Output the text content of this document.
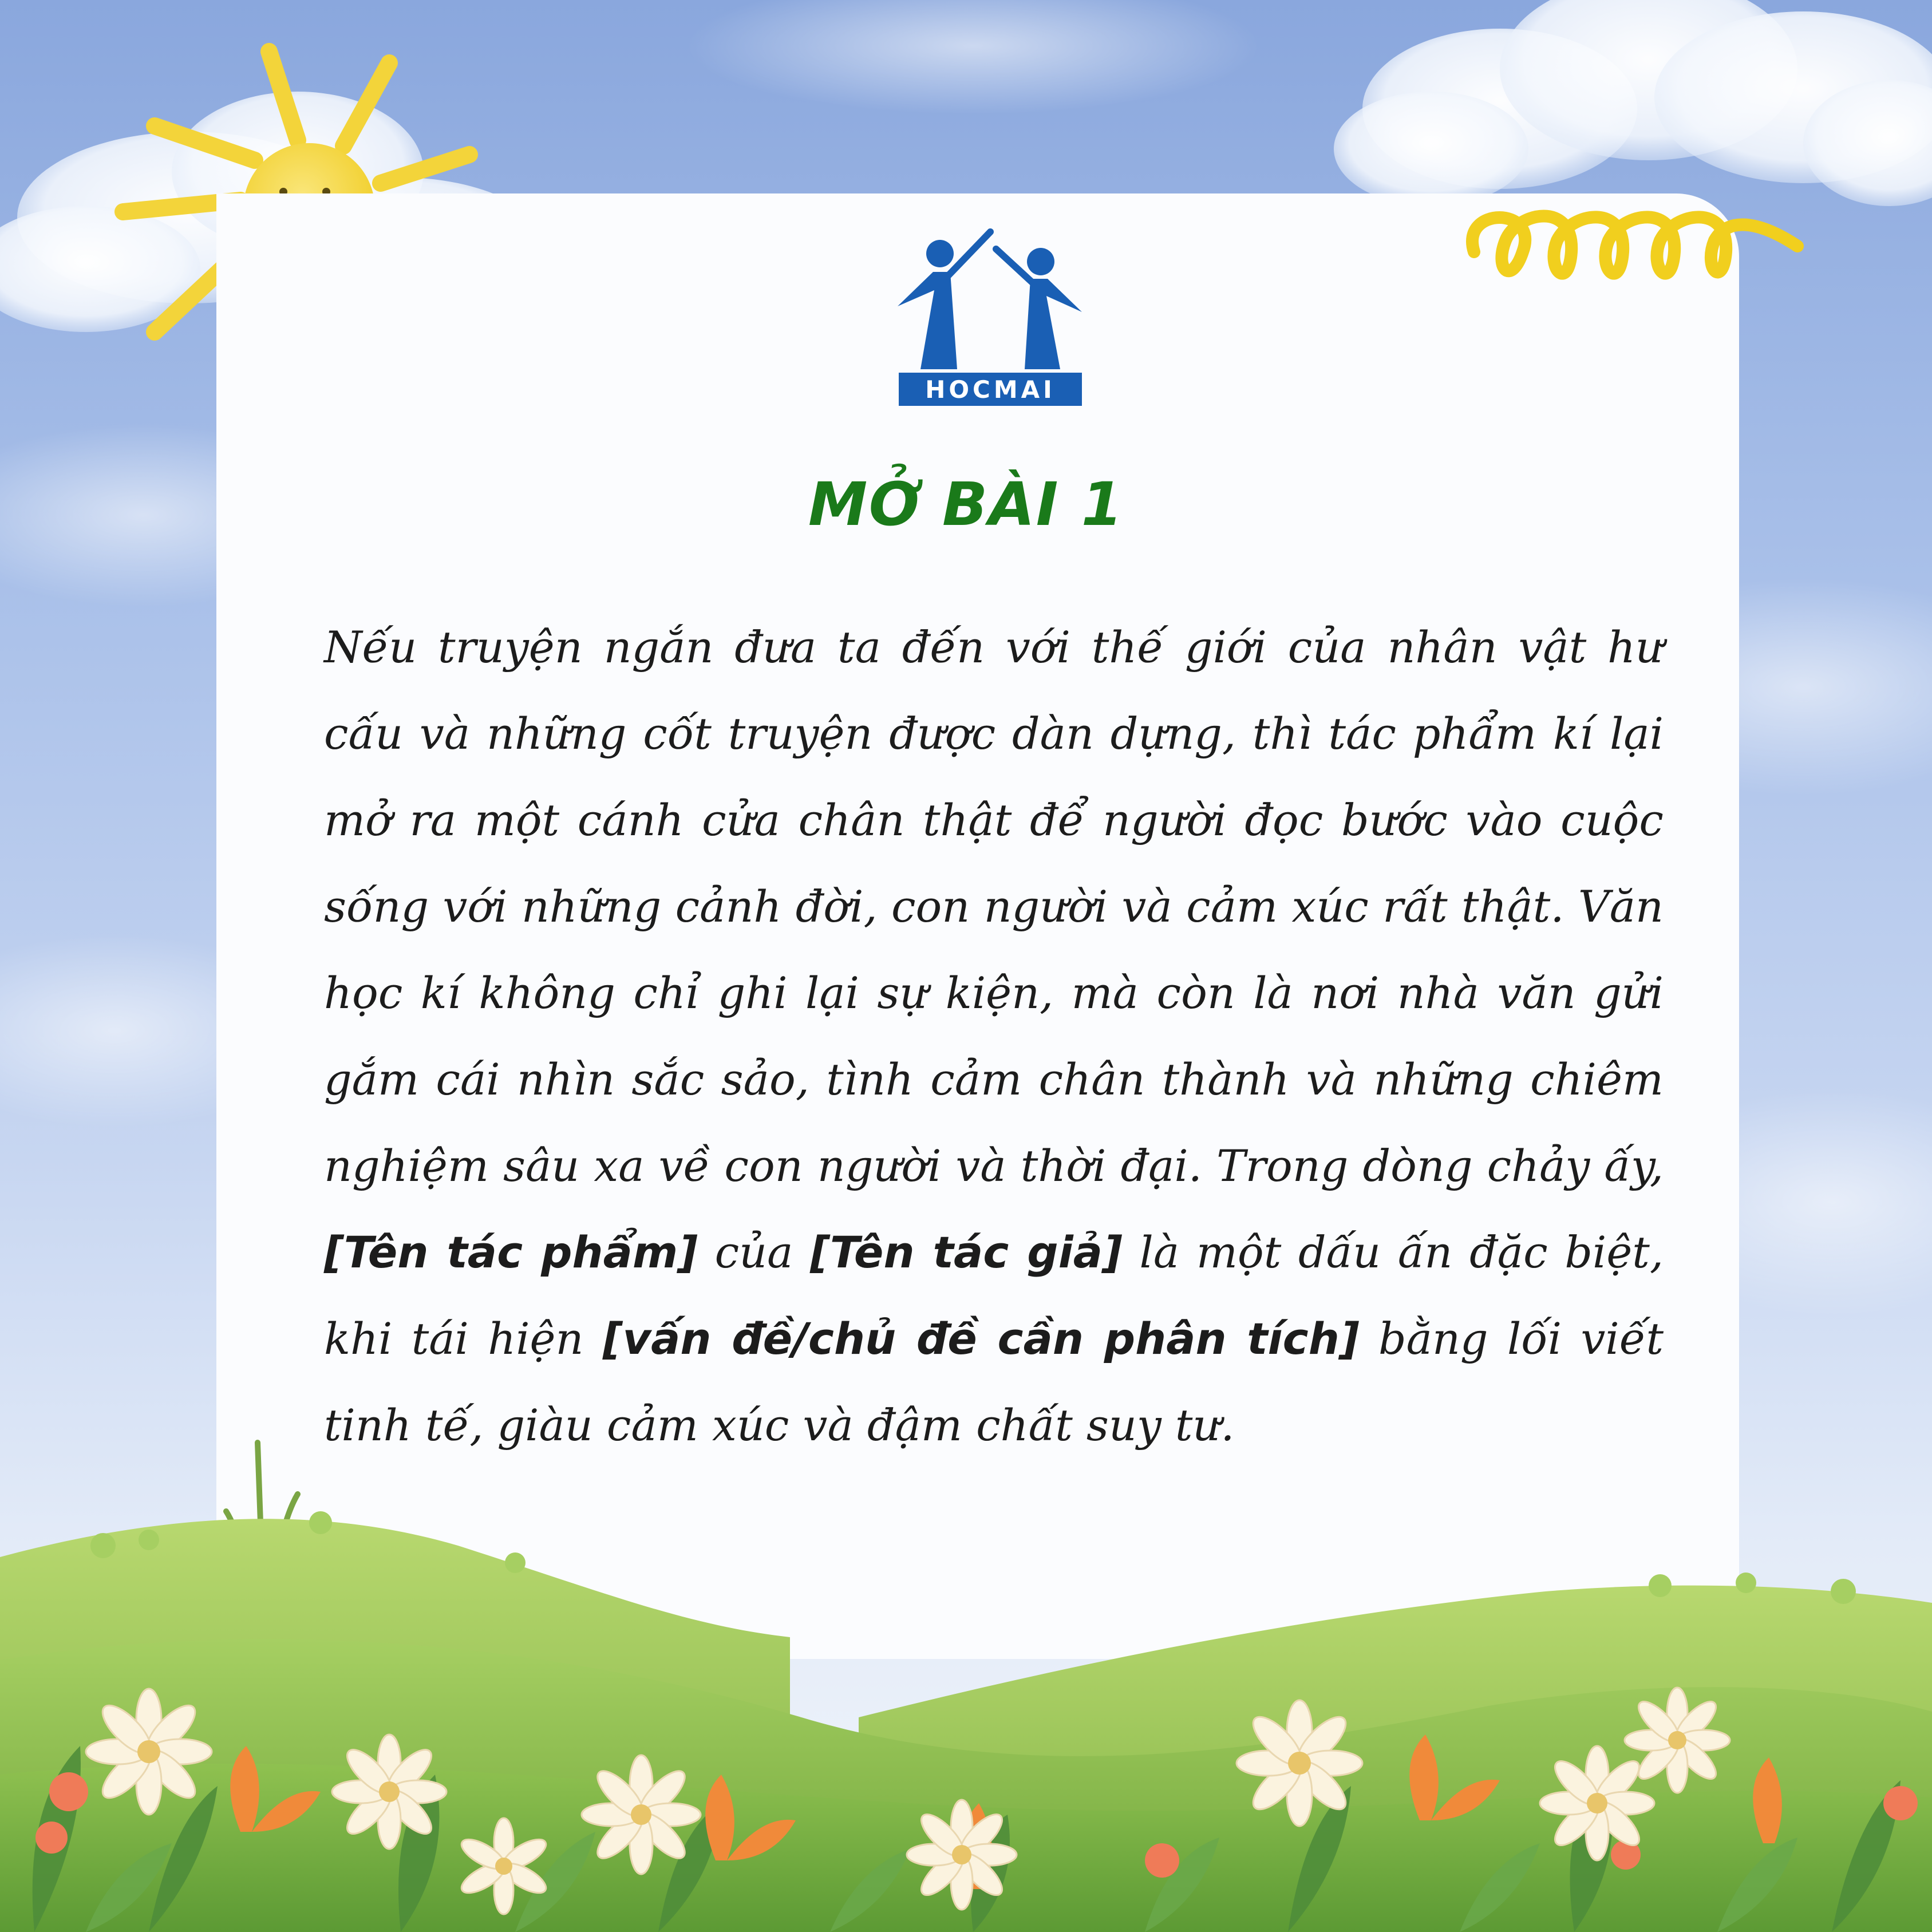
HOCMAI
MỞ BÀI 1
Nếu truyện ngắn đưa ta đến với thế giới của nhân vật hư cấu và những cốt truyện được dàn dựng, thì tác phẩm kí lại mở ra một cánh cửa chân thật để người đọc bước vào cuộc sống với những cảnh đời, con người và cảm xúc rất thật. Văn học kí không chỉ ghi lại sự kiện, mà còn là nơi nhà văn gửi gắm cái nhìn sắc sảo, tình cảm chân thành và những chiêm nghiệm sâu xa về con người và thời đại. Trong dòng chảy ấy, [Tên tác phẩm] của [Tên tác giả] là một dấu ấn đặc biệt, khi tái hiện [vấn đề/chủ đề cần phân tích] bằng lối viết tinh tế, giàu cảm xúc và đậm chất suy tư.
